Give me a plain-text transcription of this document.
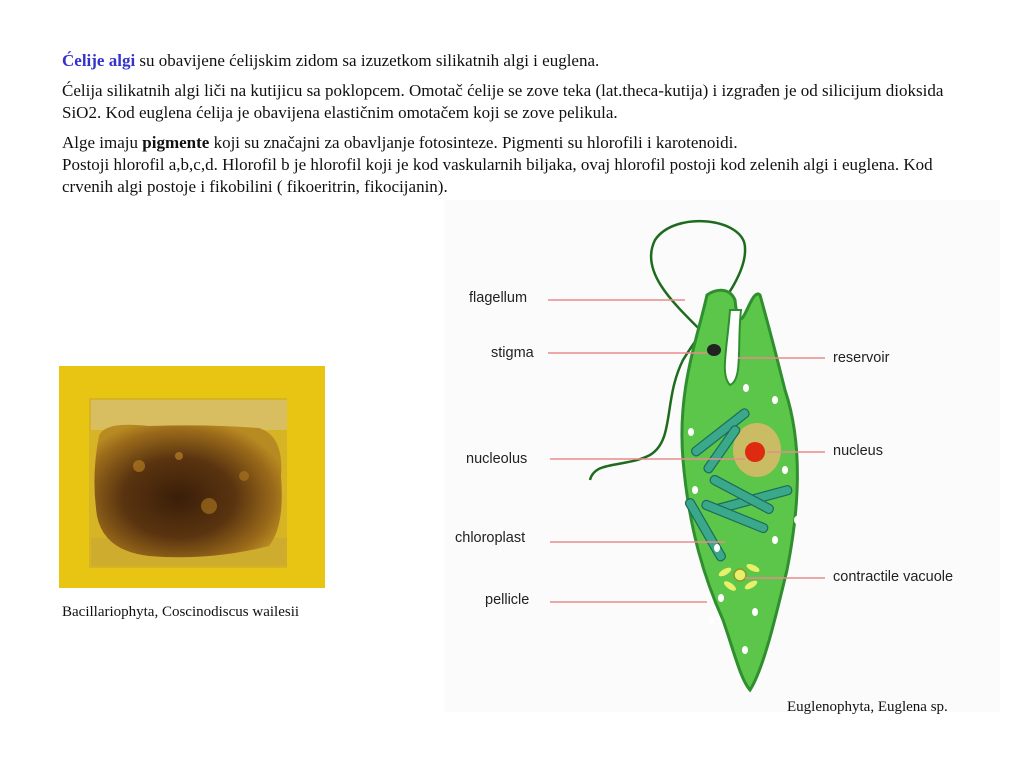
Ćelije algi su obavijene ćelijskim zidom sa izuzetkom silikatnih algi i euglena.

Ćelija silikatnih algi liči na kutijicu sa poklopcem. Omotač ćelije se zove teka (lat.theca-kutija) i izgrađen je od silicijum dioksida SiO2. Kod euglena ćelija je obavijena elastičnim omotačem koji se zove pelikula.

Alge imaju pigmente koji su značajni za obavljanje fotosinteze. Pigmenti su hlorofili i karotenoidi.
Postoji hlorofil a,b,c,d. Hlorofil b je hlorofil koji je kod vaskularnih biljaka, ovaj hlorofil postoji kod zelenih algi i euglena. Kod crvenih algi postoje i fikobilini ( fikoeritrin, fikocijanin).

Bacillariophyta, Coscinodiscus wailesii
flagellum
stigma
nucleolus
chloroplast
pellicle
reservoir
nucleus
contractile vacuole
Euglenophyta, Euglena sp.
